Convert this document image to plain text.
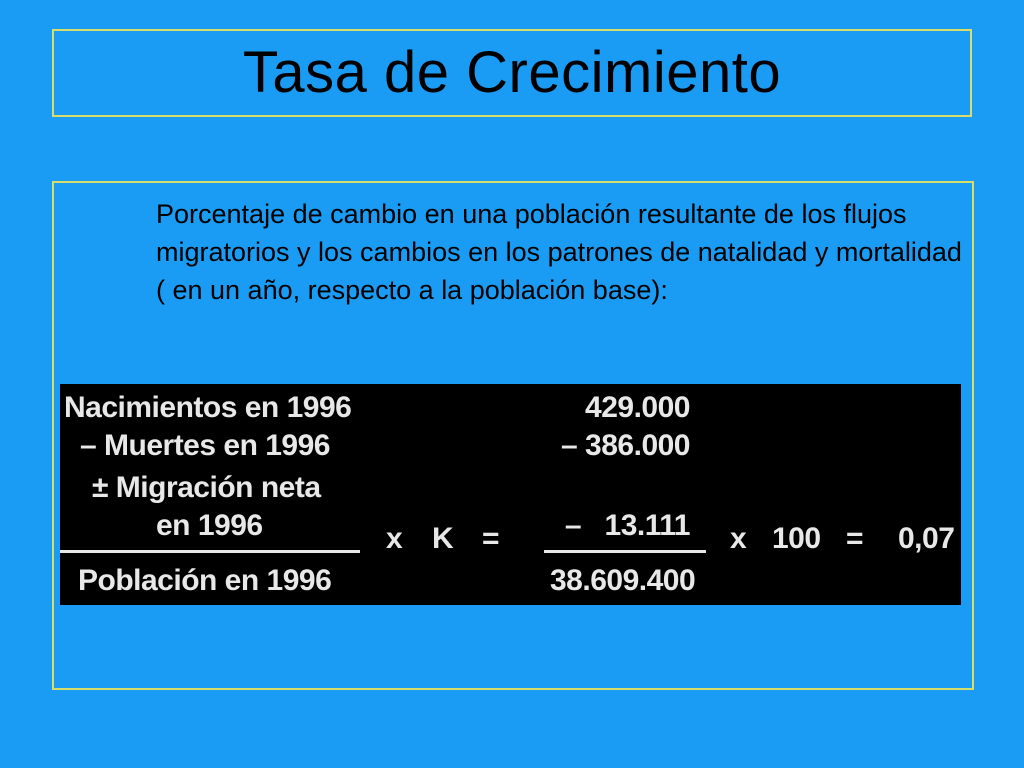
Tasa de Crecimiento

Porcentaje de cambio en una población resultante de los flujos migratorios y los cambios en los patrones de natalidad y mortalidad ( en un año, respecto a la población base):

Nacimientos en 1996
– Muertes en 1996
± Migración neta
en 1996
Población en 1996
x K =
429.000
– 386.000
–   13.111
38.609.400
x 100 = 0,07
